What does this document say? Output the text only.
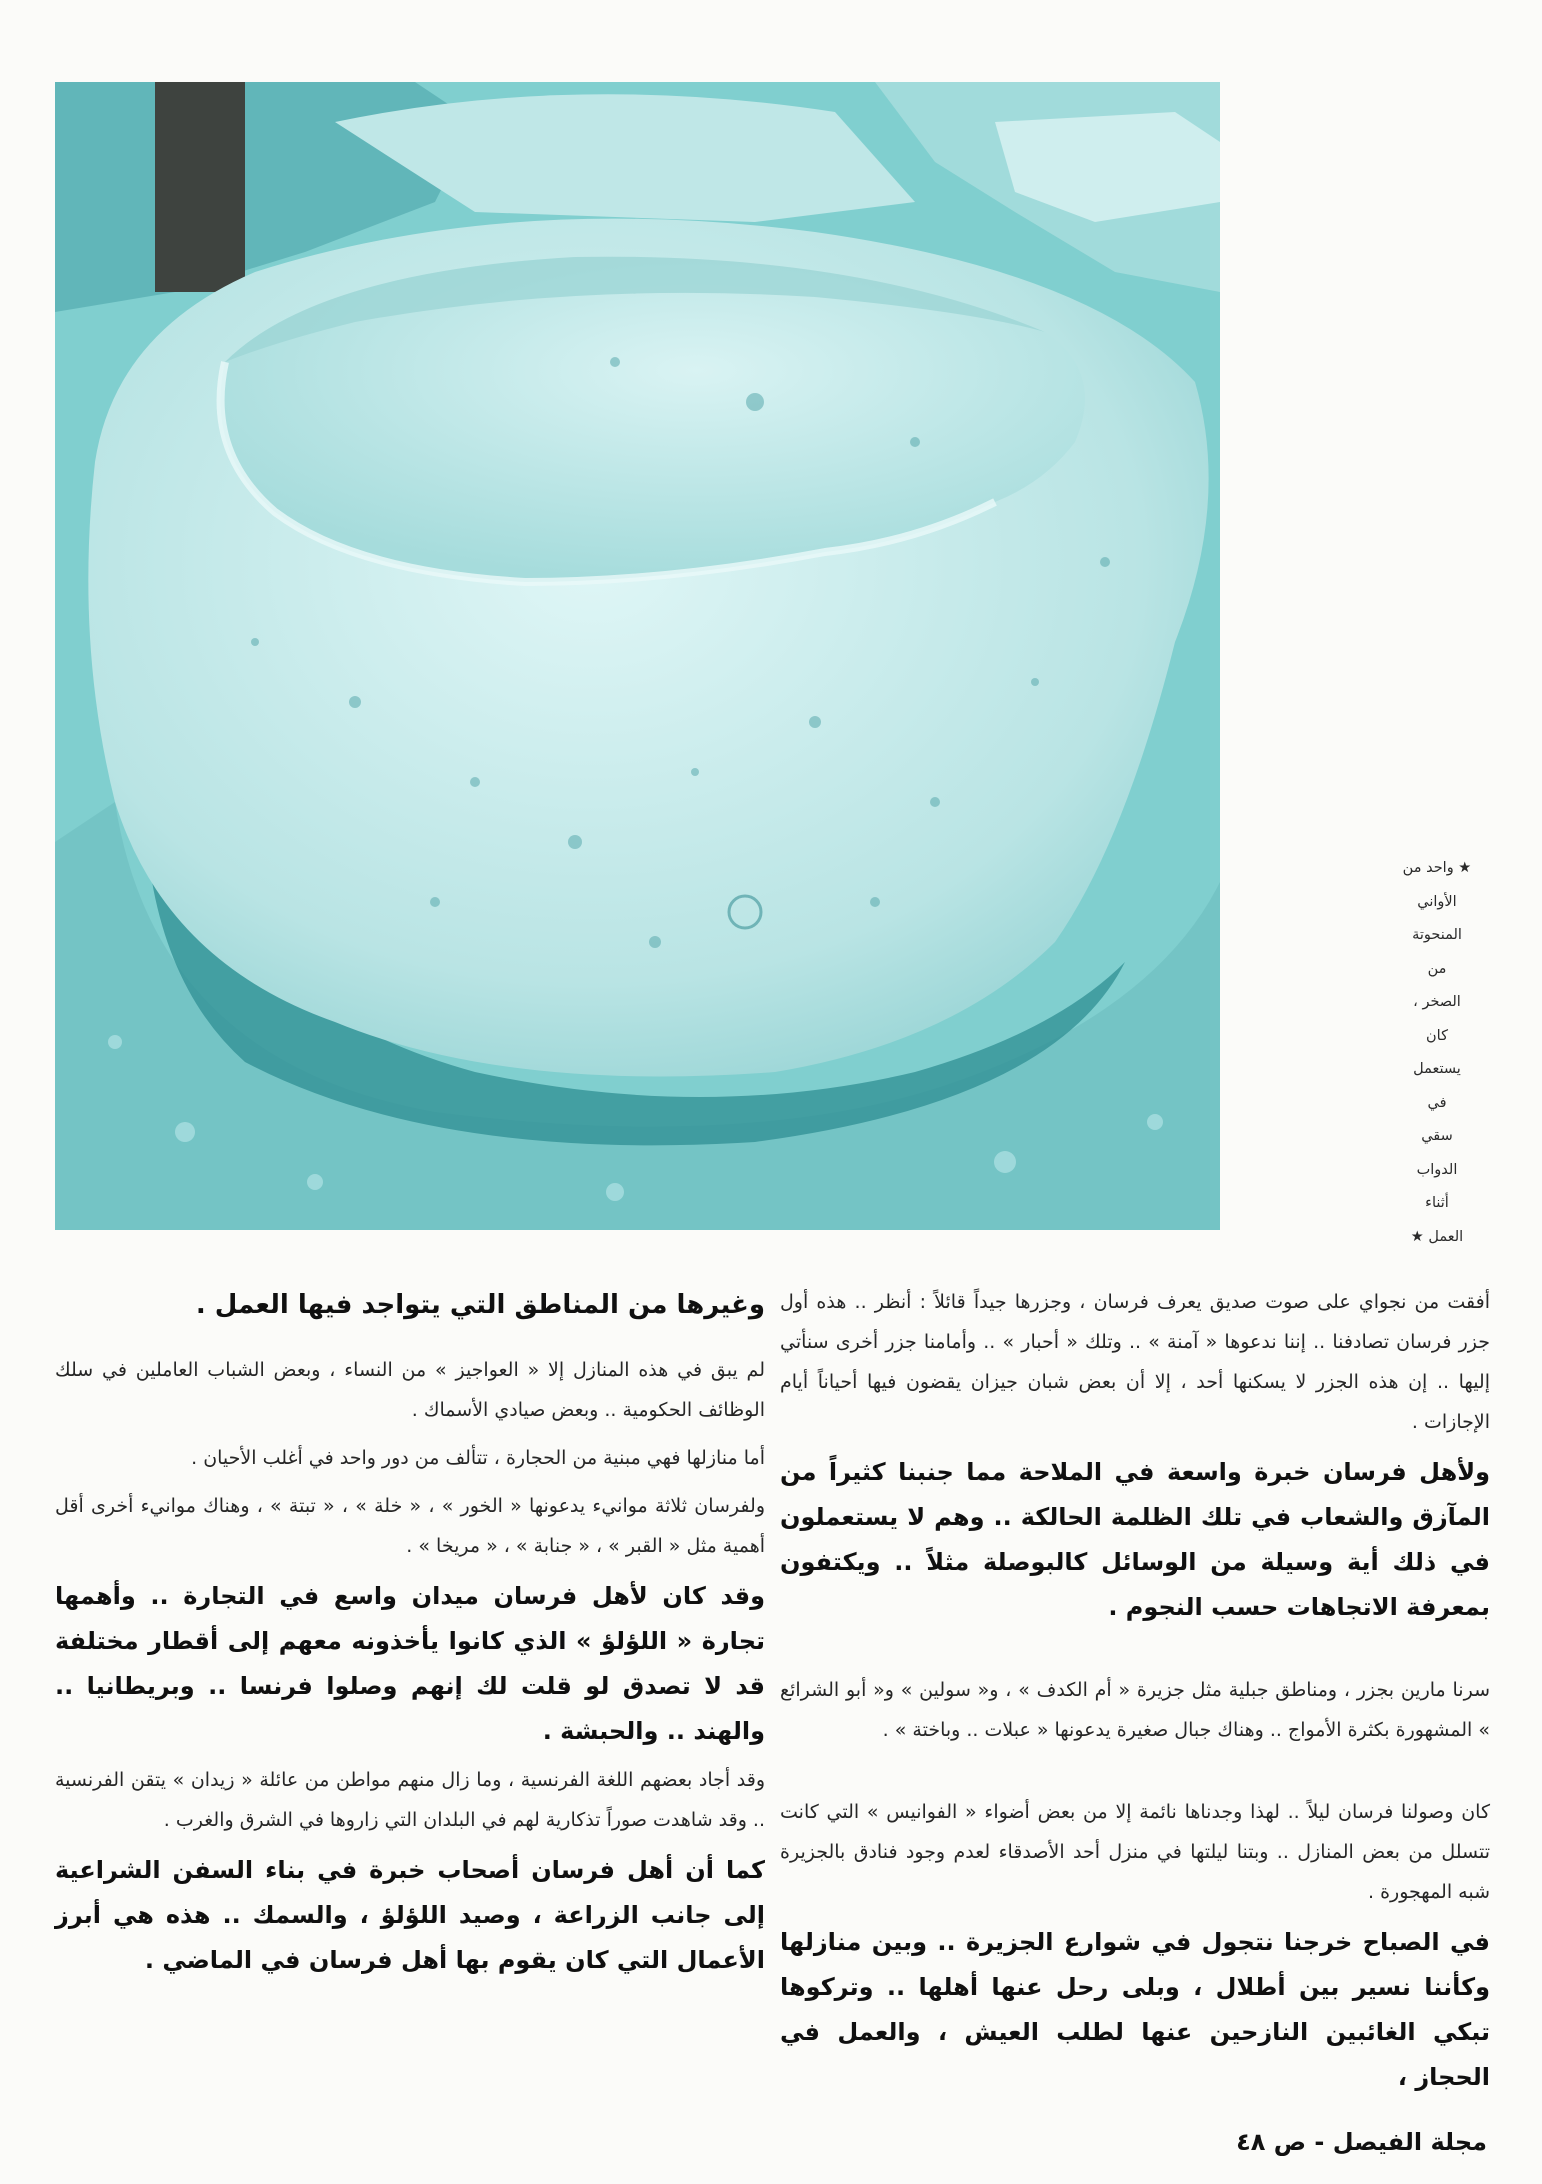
★ واحد من
الأواني
المنحوتة
من
الصخر ،
كان
يستعمل
في
سقي
الدواب
أثناء
العمل ★

أفقت من نجواي على صوت صديق يعرف فرسان ، وجزرها جيداً قائلاً : أنظر .. هذه أول جزر فرسان تصادفنا .. إننا ندعوها « آمنة » .. وتلك « أحبار » .. وأمامنا جزر أخرى سنأتي إليها .. إن هذه الجزر لا يسكنها أحد ، إلا أن بعض شبان جيزان يقضون فيها أحياناً أيام الإجازات .

ولأهل فرسان خبرة واسعة في الملاحة مما جنبنا كثيراً من المآزق والشعاب في تلك الظلمة الحالكة .. وهم لا يستعملون في ذلك أية وسيلة من الوسائل كالبوصلة مثلاً .. ويكتفون بمعرفة الاتجاهات حسب النجوم .

سرنا مارين بجزر ، ومناطق جبلية مثل جزيرة « أم الكدف » ، و« سولين » و« أبو الشرائع » المشهورة بكثرة الأمواج .. وهناك جبال صغيرة يدعونها « عبلات .. وباختة » .

كان وصولنا فرسان ليلاً .. لهذا وجدناها نائمة إلا من بعض أضواء « الفوانيس » التي كانت تتسلل من بعض المنازل .. وبتنا ليلتها في منزل أحد الأصدقاء لعدم وجود فنادق بالجزيرة شبه المهجورة .

في الصباح خرجنا نتجول في شوارع الجزيرة .. وبين منازلها وكأننا نسير بين أطلال ، وبلى رحل عنها أهلها .. وتركوها تبكي الغائبين النازحين عنها لطلب العيش ، والعمل في الحجاز ،

وغيرها من المناطق التي يتواجد فيها العمل .

لم يبق في هذه المنازل إلا « العواجيز » من النساء ، وبعض الشباب العاملين في سلك الوظائف الحكومية .. وبعض صيادي الأسماك .

أما منازلها فهي مبنية من الحجارة ، تتألف من دور واحد في أغلب الأحيان .

ولفرسان ثلاثة موانيء يدعونها « الخور » ، « خلة » ، « تبتة » ، وهناك موانيء أخرى أقل أهمية مثل « القبر » ، « جنابة » ، « مريخا » .

وقد كان لأهل فرسان ميدان واسع في التجارة .. وأهمها تجارة « اللؤلؤ » الذي كانوا يأخذونه معهم إلى أقطار مختلفة قد لا تصدق لو قلت لك إنهم وصلوا فرنسا .. وبريطانيا .. والهند .. والحبشة .

وقد أجاد بعضهم اللغة الفرنسية ، وما زال منهم مواطن من عائلة « زيدان » يتقن الفرنسية .. وقد شاهدت صوراً تذكارية لهم في البلدان التي زاروها في الشرق والغرب .

كما أن أهل فرسان أصحاب خبرة في بناء السفن الشراعية إلى جانب الزراعة ، وصيد اللؤلؤ ، والسمك .. هذه هي أبرز الأعمال التي كان يقوم بها أهل فرسان في الماضي .

مجلة الفيصل - ص ٤٨
